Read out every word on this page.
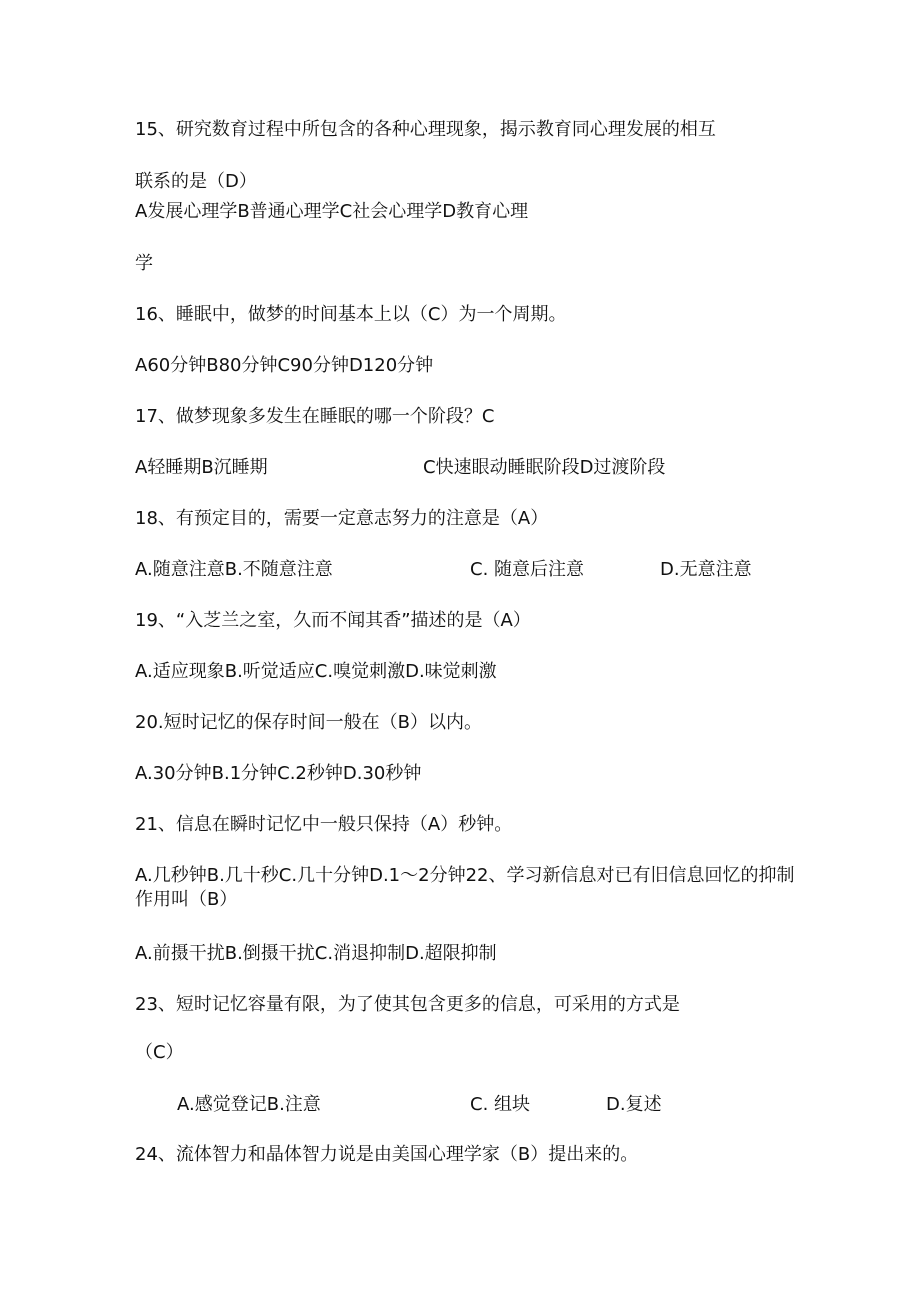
15、研究数育过程中所包含的各种心理现象，揭示教育同心理发展的相互
联系的是（D）
A发展心理学B普通心理学C社会心理学D教育心理
学
16、睡眠中，做梦的时间基本上以（C）为一个周期。
A60分钟B80分钟C90分钟D120分钟
17、做梦现象多发生在睡眠的哪一个阶段？C
A轻睡期B沉睡期	C快速眼动睡眠阶段D过渡阶段
18、有预定目的，需要一定意志努力的注意是（A）
A.随意注意B.不随意注意	C. 随意后注意	D.无意注意
19、“入芝兰之室，久而不闻其香”描述的是（A）
A.适应现象B.听觉适应C.嗅觉刺激D.味觉刺激
20.短时记忆的保存时间一般在（B）以内。
A.30分钟B.1分钟C.2秒钟D.30秒钟
21、信息在瞬时记忆中一般只保持（A）秒钟。
A.几秒钟B.几十秒C.几十分钟D.1～2分钟22、学习新信息对已有旧信息回忆的抑制作用叫（B）
A.前摄干扰B.倒摄干扰C.消退抑制D.超限抑制
23、短时记忆容量有限，为了使其包含更多的信息，可采用的方式是
（C）
A.感觉登记B.注意	C. 组块	D.复述
24、流体智力和晶体智力说是由美国心理学家（B）提出来的。
